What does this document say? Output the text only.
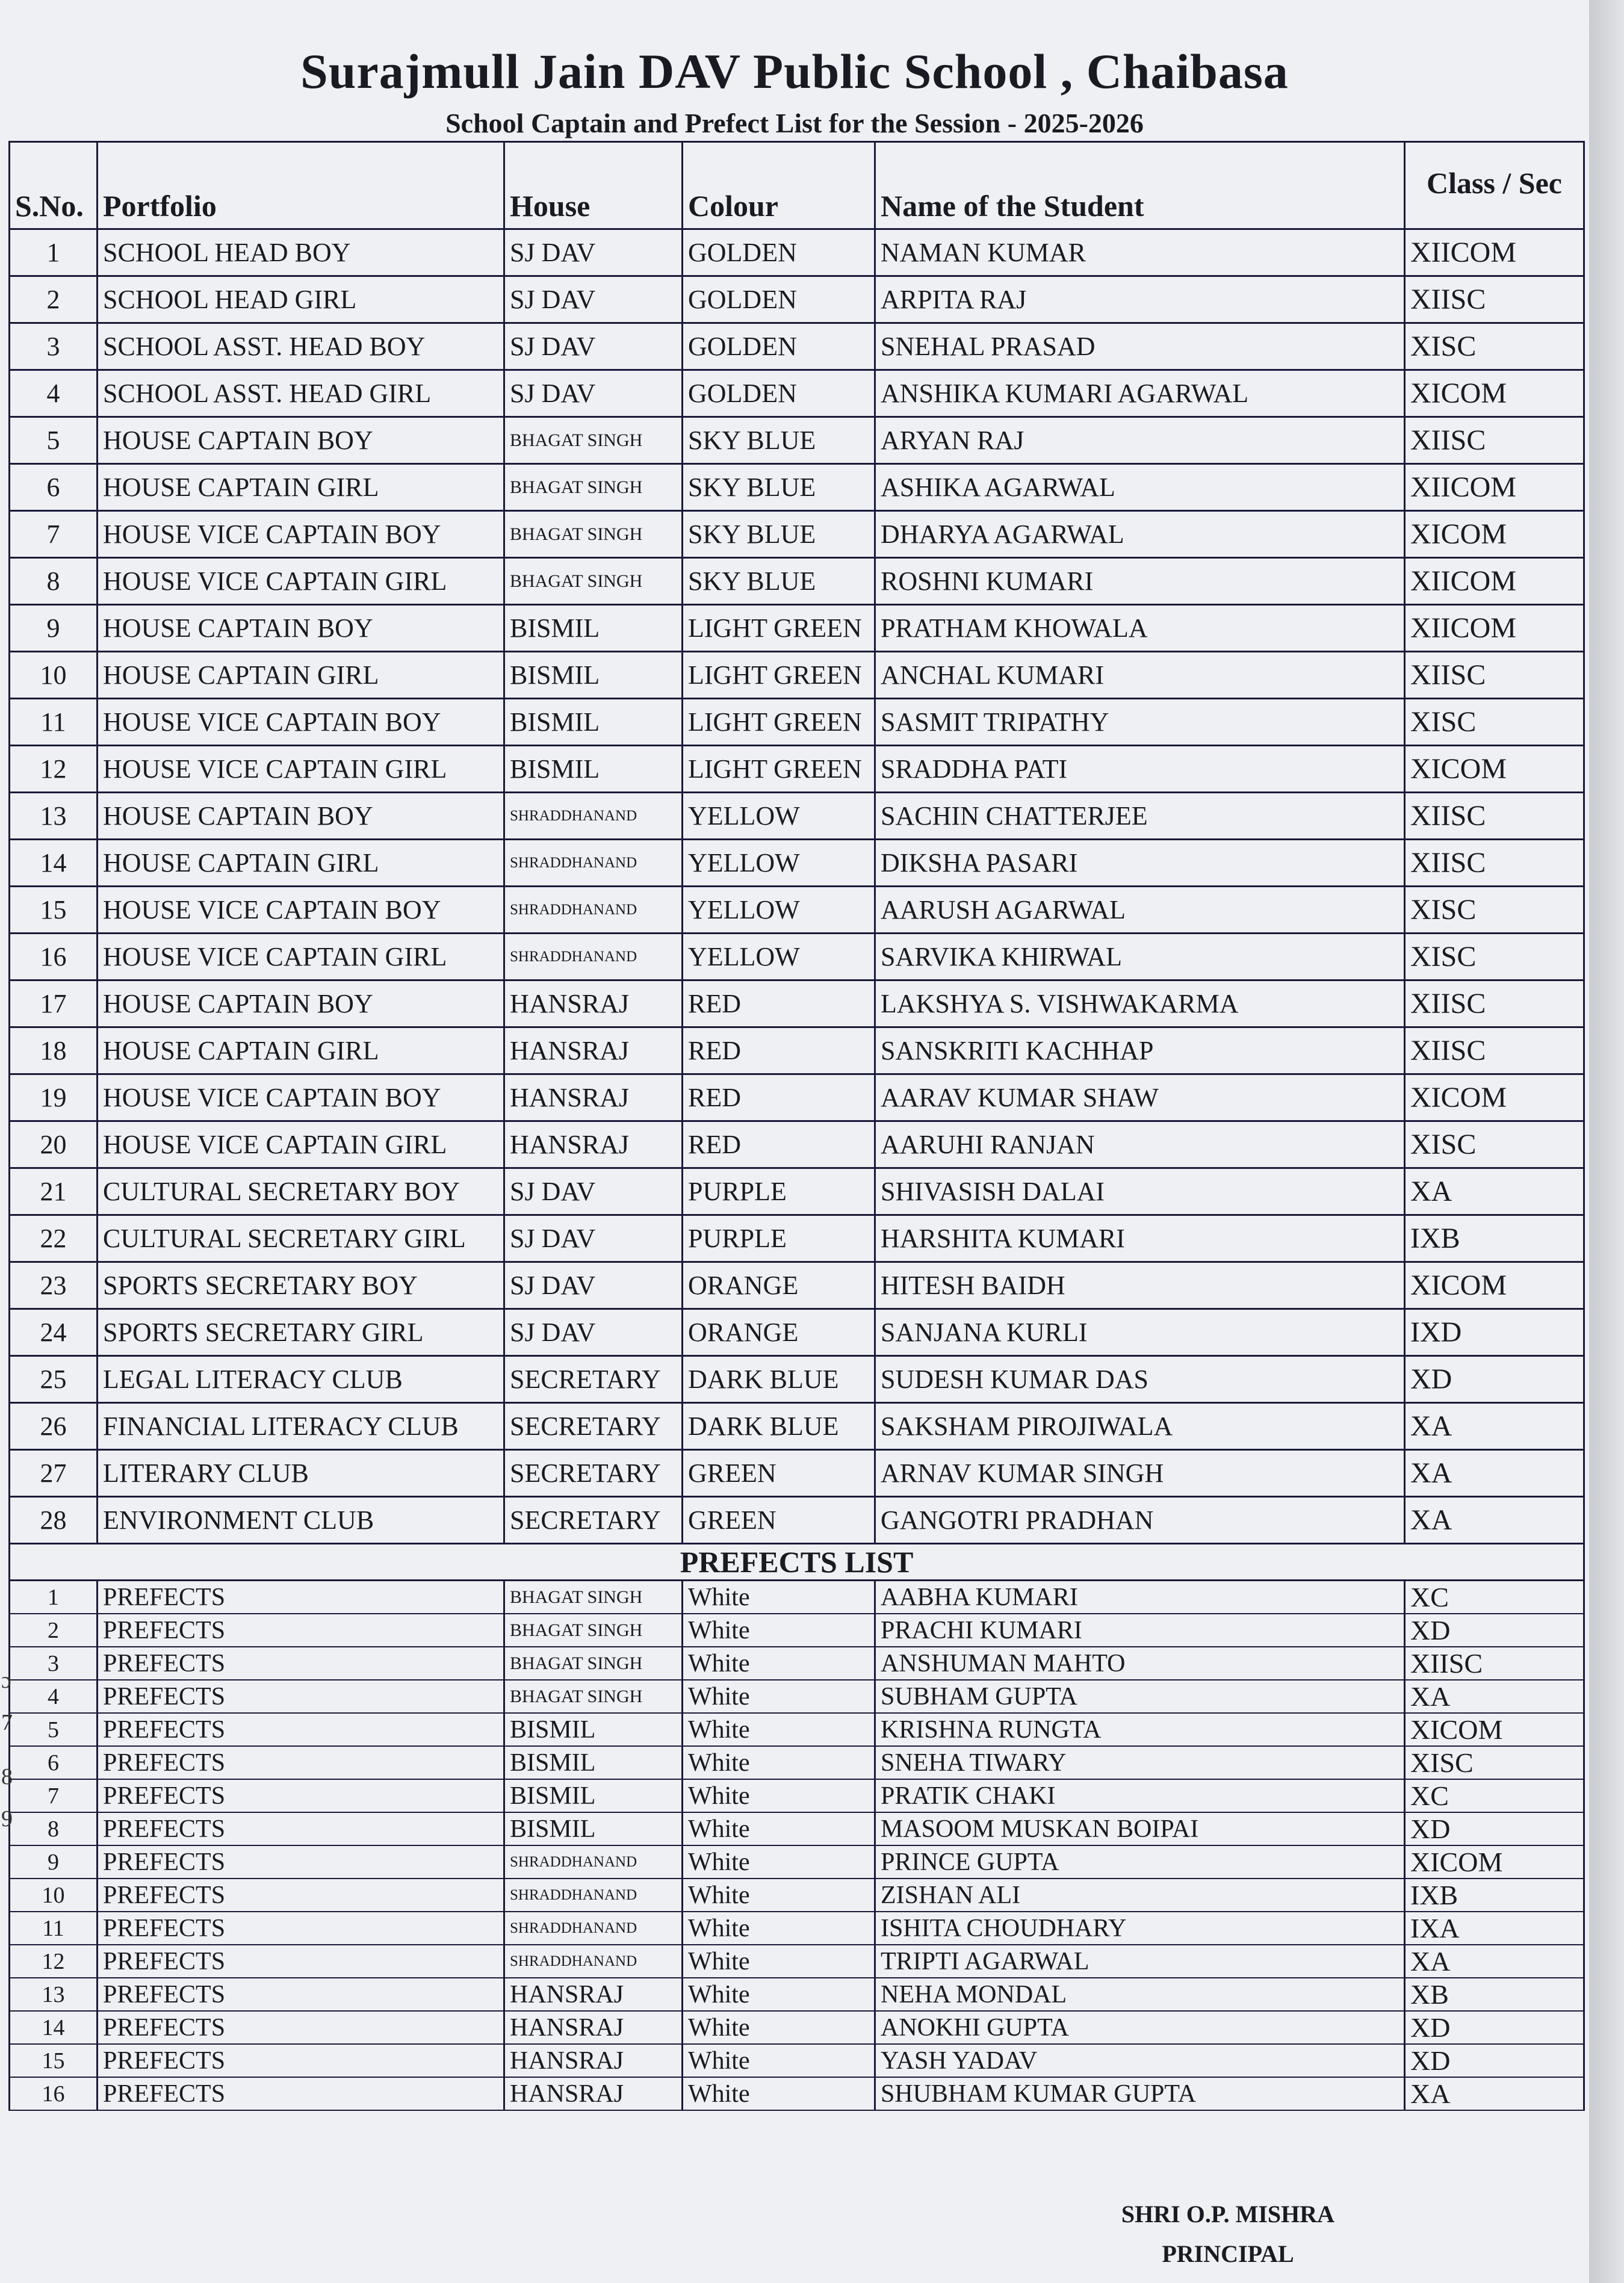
Surajmull Jain DAV Public School , Chaibasa
School Captain and Prefect List for the Session - 2025-2026
S.No.	Portfolio	House	Colour	Name of the Student	Class / Sec
1	SCHOOL HEAD BOY	SJ DAV	GOLDEN	NAMAN KUMAR	XIICOM
2	SCHOOL HEAD GIRL	SJ DAV	GOLDEN	ARPITA RAJ	XIISC
3	SCHOOL ASST. HEAD BOY	SJ DAV	GOLDEN	SNEHAL PRASAD	XISC
4	SCHOOL ASST. HEAD GIRL	SJ DAV	GOLDEN	ANSHIKA KUMARI AGARWAL	XICOM
5	HOUSE CAPTAIN BOY	BHAGAT SINGH	SKY BLUE	ARYAN RAJ	XIISC
6	HOUSE CAPTAIN GIRL	BHAGAT SINGH	SKY BLUE	ASHIKA AGARWAL	XIICOM
7	HOUSE VICE CAPTAIN BOY	BHAGAT SINGH	SKY BLUE	DHARYA AGARWAL	XICOM
8	HOUSE VICE CAPTAIN GIRL	BHAGAT SINGH	SKY BLUE	ROSHNI KUMARI	XIICOM
9	HOUSE CAPTAIN BOY	BISMIL	LIGHT GREEN	PRATHAM KHOWALA	XIICOM
10	HOUSE CAPTAIN GIRL	BISMIL	LIGHT GREEN	ANCHAL KUMARI	XIISC
11	HOUSE VICE CAPTAIN BOY	BISMIL	LIGHT GREEN	SASMIT TRIPATHY	XISC
12	HOUSE VICE CAPTAIN GIRL	BISMIL	LIGHT GREEN	SRADDHA PATI	XICOM
13	HOUSE CAPTAIN BOY	SHRADDHANAND	YELLOW	SACHIN CHATTERJEE	XIISC
14	HOUSE CAPTAIN GIRL	SHRADDHANAND	YELLOW	DIKSHA PASARI	XIISC
15	HOUSE VICE CAPTAIN BOY	SHRADDHANAND	YELLOW	AARUSH AGARWAL	XISC
16	HOUSE VICE CAPTAIN GIRL	SHRADDHANAND	YELLOW	SARVIKA KHIRWAL	XISC
17	HOUSE CAPTAIN BOY	HANSRAJ	RED	LAKSHYA S. VISHWAKARMA	XIISC
18	HOUSE CAPTAIN GIRL	HANSRAJ	RED	SANSKRITI KACHHAP	XIISC
19	HOUSE VICE CAPTAIN BOY	HANSRAJ	RED	AARAV KUMAR SHAW	XICOM
20	HOUSE VICE CAPTAIN GIRL	HANSRAJ	RED	AARUHI RANJAN	XISC
21	CULTURAL SECRETARY BOY	SJ DAV	PURPLE	SHIVASISH DALAI	XA
22	CULTURAL SECRETARY GIRL	SJ DAV	PURPLE	HARSHITA KUMARI	IXB
23	SPORTS SECRETARY BOY	SJ DAV	ORANGE	HITESH BAIDH	XICOM
24	SPORTS SECRETARY GIRL	SJ DAV	ORANGE	SANJANA KURLI	IXD
25	LEGAL LITERACY CLUB	SECRETARY	DARK BLUE	SUDESH KUMAR DAS	XD
26	FINANCIAL LITERACY CLUB	SECRETARY	DARK BLUE	SAKSHAM PIROJIWALA	XA
27	LITERARY CLUB	SECRETARY	GREEN	ARNAV KUMAR SINGH	XA
28	ENVIRONMENT CLUB	SECRETARY	GREEN	GANGOTRI PRADHAN	XA
PREFECTS LIST					
1	PREFECTS	BHAGAT SINGH	White	AABHA KUMARI	XC
2	PREFECTS	BHAGAT SINGH	White	PRACHI KUMARI	XD
3	PREFECTS	BHAGAT SINGH	White	ANSHUMAN MAHTO	XIISC
4	PREFECTS	BHAGAT SINGH	White	SUBHAM GUPTA	XA
5	PREFECTS	BISMIL	White	KRISHNA RUNGTA	XICOM
6	PREFECTS	BISMIL	White	SNEHA TIWARY	XISC
7	PREFECTS	BISMIL	White	PRATIK CHAKI	XC
8	PREFECTS	BISMIL	White	MASOOM MUSKAN BOIPAI	XD
9	PREFECTS	SHRADDHANAND	White	PRINCE GUPTA	XICOM
10	PREFECTS	SHRADDHANAND	White	ZISHAN ALI	IXB
11	PREFECTS	SHRADDHANAND	White	ISHITA CHOUDHARY	IXA
12	PREFECTS	SHRADDHANAND	White	TRIPTI AGARWAL	XA
13	PREFECTS	HANSRAJ	White	NEHA MONDAL	XB
14	PREFECTS	HANSRAJ	White	ANOKHI GUPTA	XD
15	PREFECTS	HANSRAJ	White	YASH YADAV	XD
16	PREFECTS	HANSRAJ	White	SHUBHAM KUMAR GUPTA	XA
ɔ
7
8
9
SHRI O.P. MISHRA
PRINCIPAL
